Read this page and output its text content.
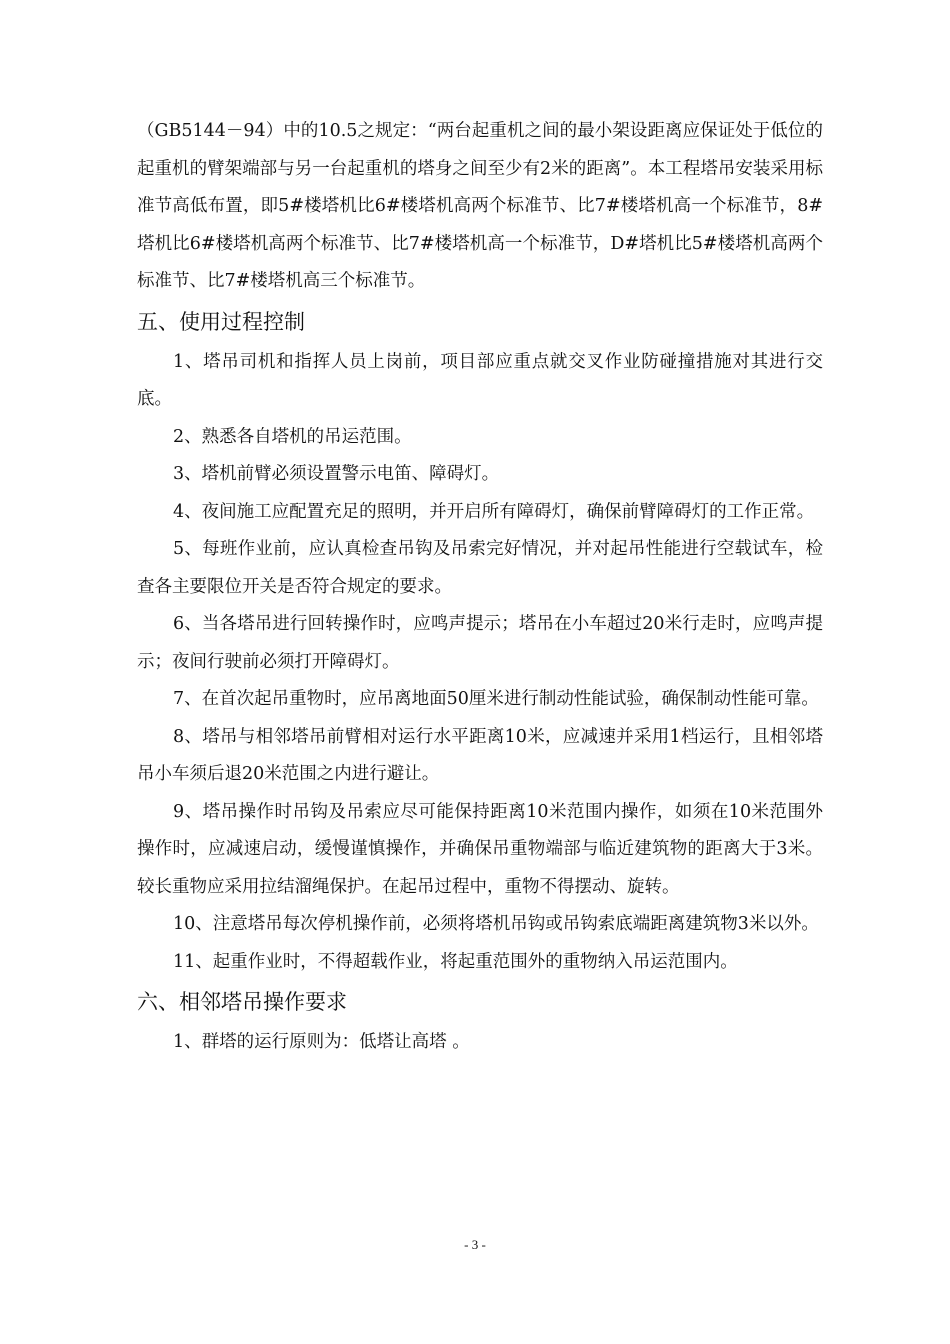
（GB5144－94）中的10.5之规定：“两台起重机之间的最小架设距离应保证处于低位的起重机的臂架端部与另一台起重机的塔身之间至少有2米的距离”。本工程塔吊安装采用标准节高低布置，即5#楼塔机比6#楼塔机高两个标准节、比7#楼塔机高一个标准节，8#塔机比6#楼塔机高两个标准节、比7#楼塔机高一个标准节，D#塔机比5#楼塔机高两个标准节、比7#楼塔机高三个标准节。

五、使用过程控制

1、塔吊司机和指挥人员上岗前，项目部应重点就交叉作业防碰撞措施对其进行交底。

2、熟悉各自塔机的吊运范围。

3、塔机前臂必须设置警示电笛、障碍灯。

4、夜间施工应配置充足的照明，并开启所有障碍灯，确保前臂障碍灯的工作正常。

5、每班作业前，应认真检查吊钩及吊索完好情况，并对起吊性能进行空载试车，检查各主要限位开关是否符合规定的要求。

6、当各塔吊进行回转操作时，应鸣声提示；塔吊在小车超过20米行走时，应鸣声提示；夜间行驶前必须打开障碍灯。

7、在首次起吊重物时，应吊离地面50厘米进行制动性能试验，确保制动性能可靠。

8、塔吊与相邻塔吊前臂相对运行水平距离10米，应减速并采用1档运行，且相邻塔吊小车须后退20米范围之内进行避让。

9、塔吊操作时吊钩及吊索应尽可能保持距离10米范围内操作，如须在10米范围外操作时，应减速启动，缓慢谨慎操作，并确保吊重物端部与临近建筑物的距离大于3米。较长重物应采用拉结溜绳保护。在起吊过程中，重物不得摆动、旋转。

10、注意塔吊每次停机操作前，必须将塔机吊钩或吊钩索底端距离建筑物3米以外。

11、起重作业时，不得超载作业，将起重范围外的重物纳入吊运范围内。

六、相邻塔吊操作要求

1、群塔的运行原则为：低塔让高塔 。

- 3 -
